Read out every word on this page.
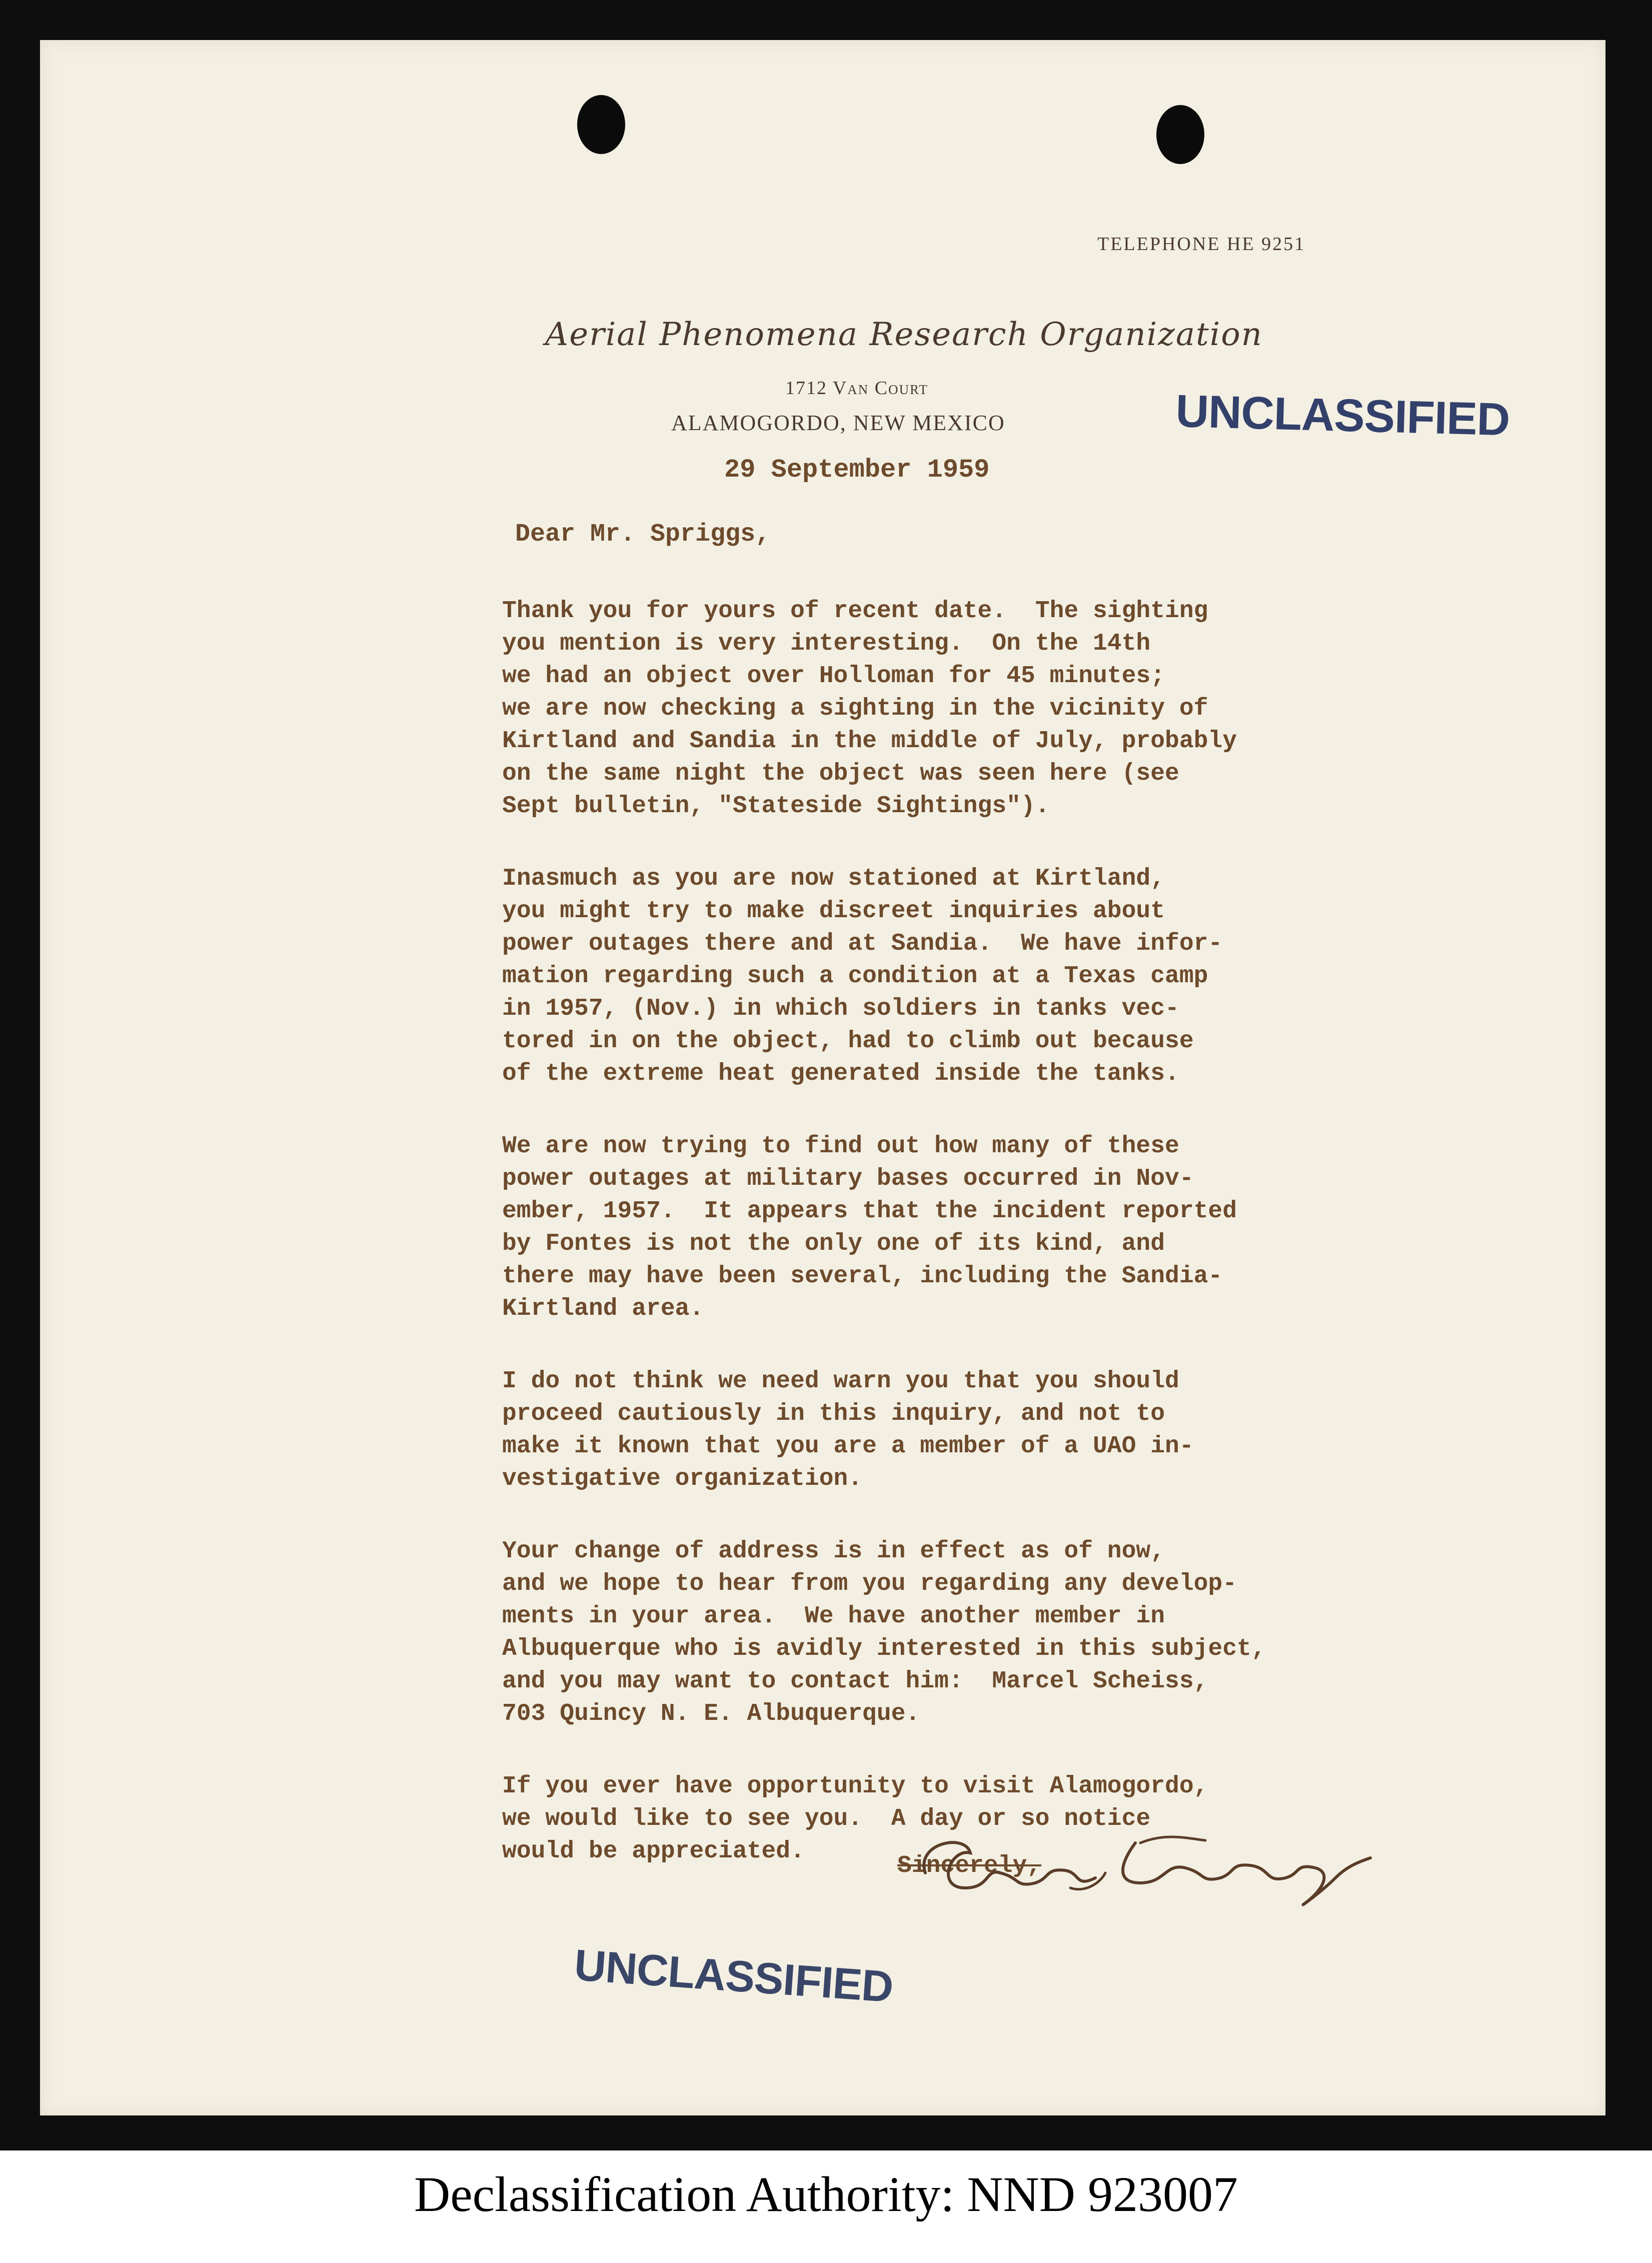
TELEPHONE HE 9251
Aerial Phenomena Research Organization
1712 Van Court
ALAMOGORDO, NEW MEXICO	UNCLASSIFIED
29 September 1959
Dear Mr. Spriggs,

Thank you for yours of recent date.  The sighting
you mention is very interesting.  On the 14th
we had an object over Holloman for 45 minutes;
we are now checking a sighting in the vicinity of
Kirtland and Sandia in the middle of July, probably
on the same night the object was seen here (see
Sept bulletin, "Stateside Sightings").

Inasmuch as you are now stationed at Kirtland,
you might try to make discreet inquiries about
power outages there and at Sandia.  We have infor-
mation regarding such a condition at a Texas camp
in 1957, (Nov.) in which soldiers in tanks vec-
tored in on the object, had to climb out because
of the extreme heat generated inside the tanks.

We are now trying to find out how many of these
power outages at military bases occurred in Nov-
ember, 1957.  It appears that the incident reported
by Fontes is not the only one of its kind, and
there may have been several, including the Sandia-
Kirtland area.

I do not think we need warn you that you should
proceed cautiously in this inquiry, and not to
make it known that you are a member of a UAO in-
vestigative organization.

Your change of address is in effect as of now,
and we hope to hear from you regarding any develop-
ments in your area.  We have another member in
Albuquerque who is avidly interested in this subject,
and you may want to contact him:  Marcel Scheiss,
703 Quincy N. E. Albuquerque.

If you ever have opportunity to visit Alamogordo,
we would like to see you.  A day or so notice
would be appreciated.

Sincerely,
UNCLASSIFIED
Declassification Authority: NND 923007
